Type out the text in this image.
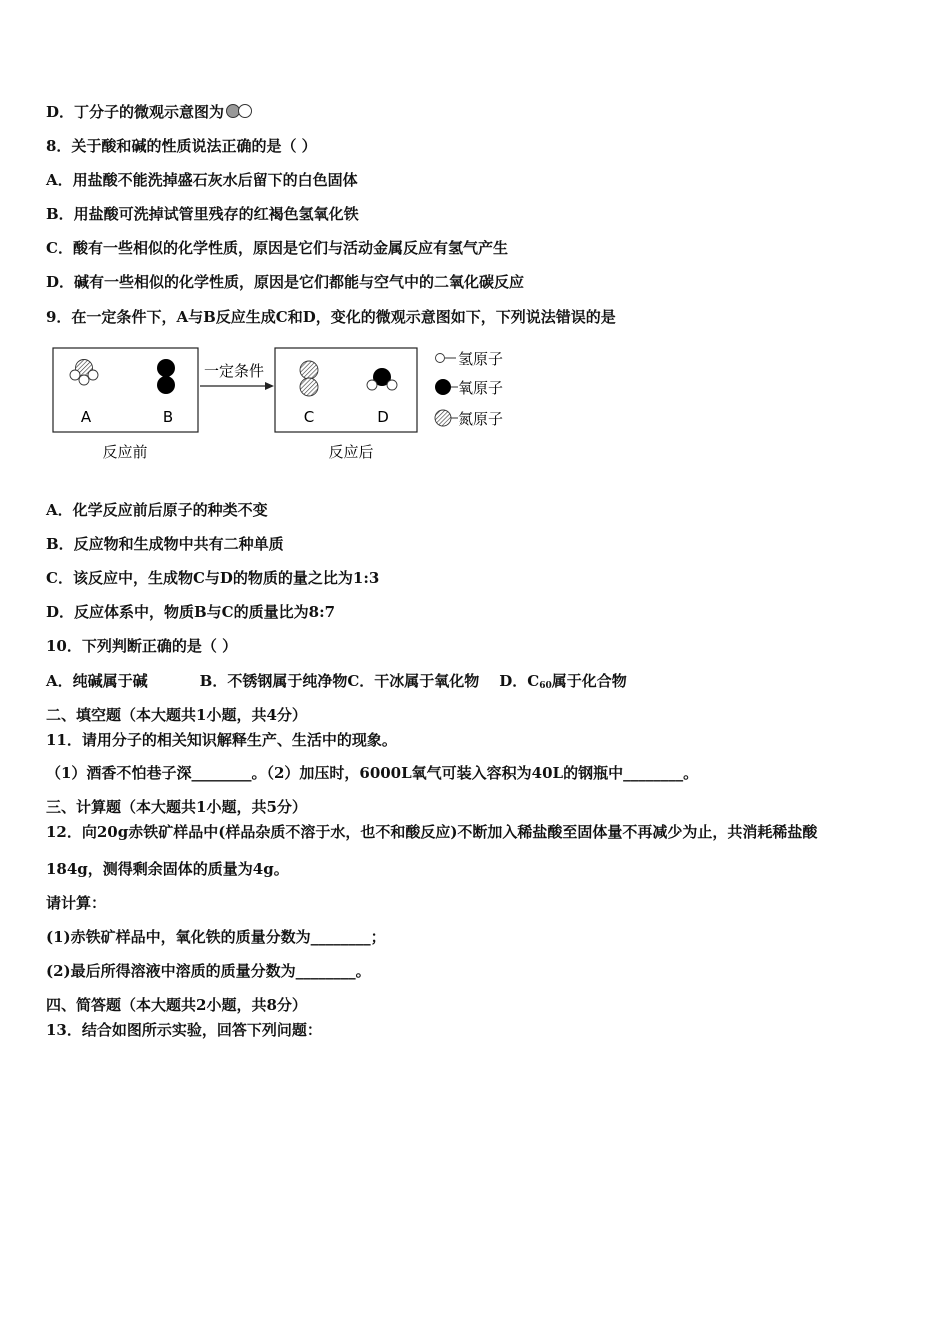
D．丁分子的微观示意图为
8．关于酸和碱的性质说法正确的是（ ）
A．用盐酸不能洗掉盛石灰水后留下的白色固体
B．用盐酸可洗掉试管里残存的红褐色氢氧化铁
C．酸有一些相似的化学性质，原因是它们与活动金属反应有氢气产生
D．碱有一些相似的化学性质，原因是它们都能与空气中的二氧化碳反应
9．在一定条件下，A与B反应生成C和D，变化的微观示意图如下，下列说法错误的是
A	B
一定条件
C	D
反应前	反应后
氢原子
氧原子
氮原子
A．化学反应前后原子的种类不变
B．反应物和生成物中共有二种单质
C．该反应中，生成物C与D的物质的量之比为1:3
D．反应体系中，物质B与C的质量比为8:7
10．下列判断正确的是（ ）
A．纯碱属于碱	B．不锈钢属于纯净物C．干冰属于氧化物 D．$C_{60}$属于化合物
二、填空题（本大题共1小题，共4分）
11．请用分子的相关知识解释生产、生活中的现象。
（1）酒香不怕巷子深________。（2）加压时，6000L氧气可装入容积为40L的钢瓶中________。
三、计算题（本大题共1小题，共5分）
12．向20g赤铁矿样品中(样品杂质不溶于水，也不和酸反应)不断加入稀盐酸至固体量不再减少为止，共消耗稀盐酸
184g，测得剩余固体的质量为4g。
请计算：
(1)赤铁矿样品中，氧化铁的质量分数为________；
(2)最后所得溶液中溶质的质量分数为________。
四、简答题（本大题共2小题，共8分）
13．结合如图所示实验，回答下列问题：
